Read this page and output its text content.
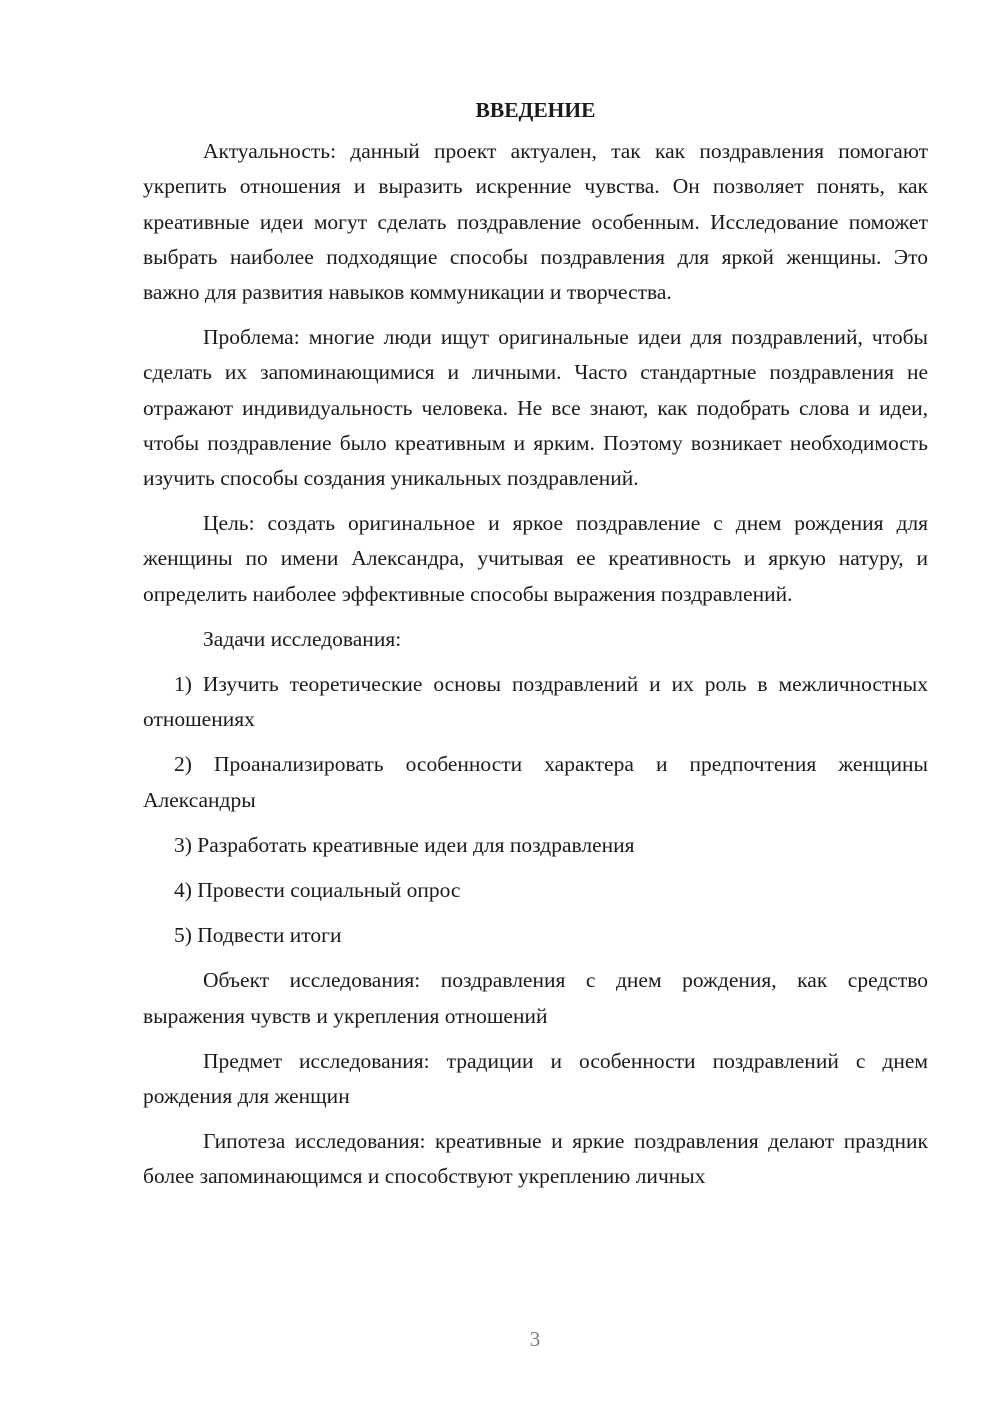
ВВЕДЕНИЕ
Актуальность: данный проект актуален, так как поздравления помогают укрепить отношения и выразить искренние чувства. Он позволяет понять, как креативные идеи могут сделать поздравление особенным. Исследование поможет выбрать наиболее подходящие способы поздравления для яркой женщины. Это важно для развития навыков коммуникации и творчества.
Проблема: многие люди ищут оригинальные идеи для поздравлений, чтобы сделать их запоминающимися и личными. Часто стандартные поздравления не отражают индивидуальность человека. Не все знают, как подобрать слова и идеи, чтобы поздравление было креативным и ярким. Поэтому возникает необходимость изучить способы создания уникальных поздравлений.
Цель: создать оригинальное и яркое поздравление с днем рождения для женщины по имени Александра, учитывая ее креативность и яркую натуру, и определить наиболее эффективные способы выражения поздравлений.
Задачи исследования:
1) Изучить теоретические основы поздравлений и их роль в межличностных отношениях
2) Проанализировать особенности характера и предпочтения женщины Александры
3) Разработать креативные идеи для поздравления
4) Провести социальный опрос
5) Подвести итоги
Объект исследования: поздравления с днем рождения, как средство выражения чувств и укрепления отношений
Предмет исследования: традиции и особенности поздравлений с днем рождения для женщин
Гипотеза исследования: креативные и яркие поздравления делают праздник более запоминающимся и способствуют укреплению личных
3
